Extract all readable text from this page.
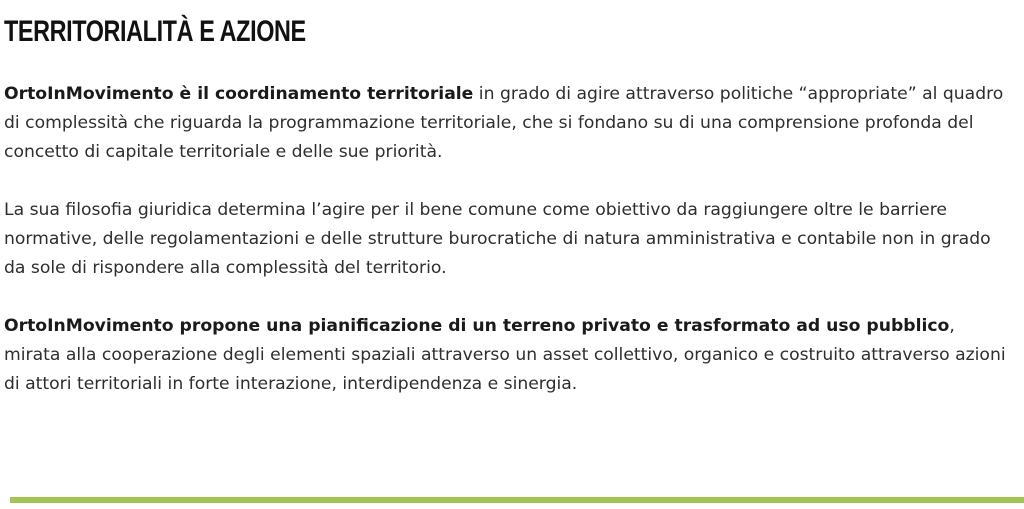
TERRITORIALITÀ E AZIONE

OrtoInMovimento è il coordinamento territoriale in grado di agire attraverso politiche “appropriate” al quadro di complessità che riguarda la programmazione territoriale, che si fondano su di una comprensione profonda del concetto di capitale territoriale e delle sue priorità.

La sua filosofia giuridica determina l’agire per il bene comune come obiettivo da raggiungere oltre le barriere normative, delle regolamentazioni e delle strutture burocratiche di natura amministrativa e contabile non in grado da sole di rispondere alla complessità del territorio.

OrtoInMovimento propone una pianificazione di un terreno privato e trasformato ad uso pubblico, mirata alla cooperazione degli elementi spaziali attraverso un asset collettivo, organico e costruito attraverso azioni di attori territoriali in forte interazione, interdipendenza e sinergia.
